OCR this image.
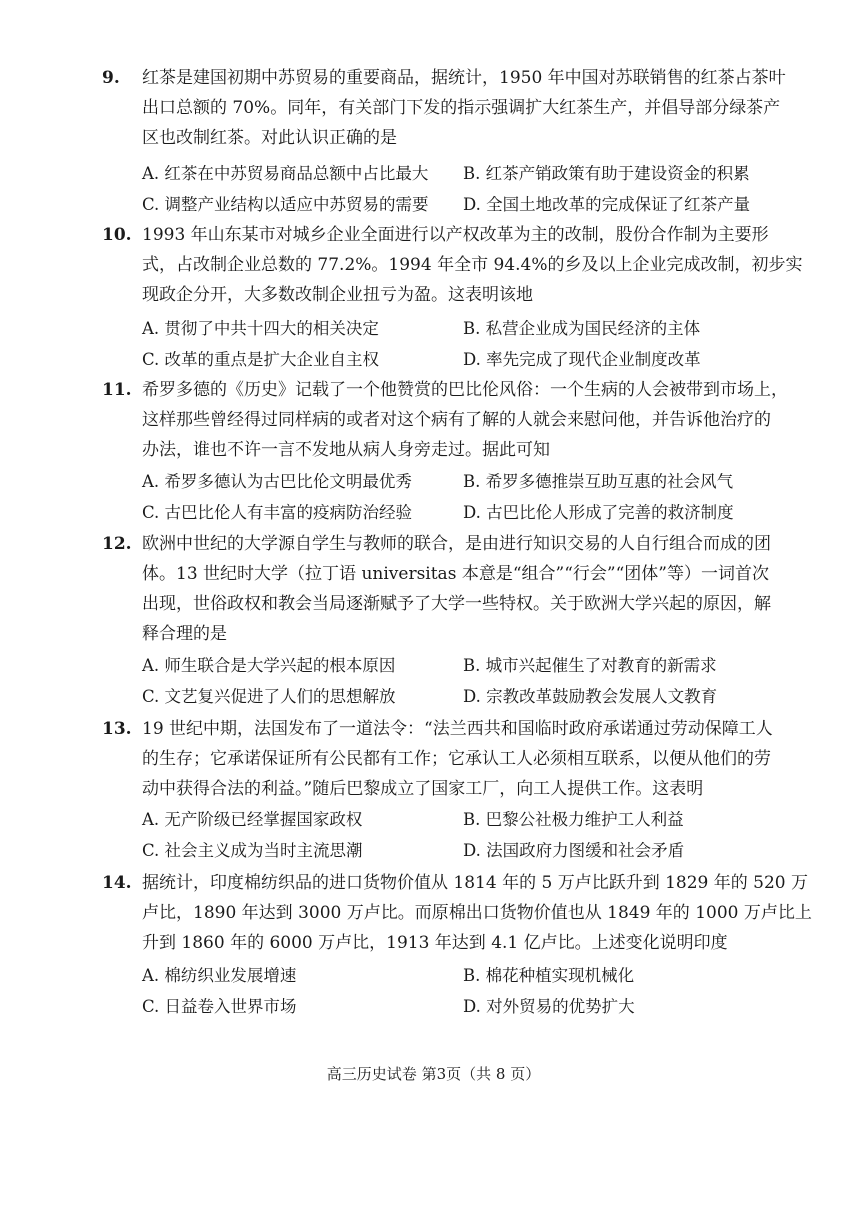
9. 红茶是建国初期中苏贸易的重要商品，据统计，1950 年中国对苏联销售的红茶占茶叶
出口总额的 70%。同年，有关部门下发的指示强调扩大红茶生产，并倡导部分绿茶产
区也改制红茶。对此认识正确的是
A. 红茶在中苏贸易商品总额中占比最大 B. 红茶产销政策有助于建设资金的积累
C. 调整产业结构以适应中苏贸易的需要 D. 全国土地改革的完成保证了红茶产量
10. 1993 年山东某市对城乡企业全面进行以产权改革为主的改制，股份合作制为主要形
式，占改制企业总数的 77.2%。1994 年全市 94.4%的乡及以上企业完成改制，初步实
现政企分开，大多数改制企业扭亏为盈。这表明该地
A. 贯彻了中共十四大的相关决定	B. 私营企业成为国民经济的主体
C. 改革的重点是扩大企业自主权	D. 率先完成了现代企业制度改革
11. 希罗多德的《历史》记载了一个他赞赏的巴比伦风俗：一个生病的人会被带到市场上，
这样那些曾经得过同样病的或者对这个病有了解的人就会来慰问他，并告诉他治疗的
办法，谁也不许一言不发地从病人身旁走过。据此可知
A. 希罗多德认为古巴比伦文明最优秀	B. 希罗多德推崇互助互惠的社会风气
C. 古巴比伦人有丰富的疫病防治经验	D. 古巴比伦人形成了完善的救济制度
12. 欧洲中世纪的大学源自学生与教师的联合，是由进行知识交易的人自行组合而成的团
体。13 世纪时大学（拉丁语 universitas 本意是“组合”“行会”“团体”等）一词首次
出现，世俗政权和教会当局逐渐赋予了大学一些特权。关于欧洲大学兴起的原因，解
释合理的是
A. 师生联合是大学兴起的根本原因	B. 城市兴起催生了对教育的新需求
C. 文艺复兴促进了人们的思想解放	D. 宗教改革鼓励教会发展人文教育
13. 19 世纪中期，法国发布了一道法令：“法兰西共和国临时政府承诺通过劳动保障工人
的生存；它承诺保证所有公民都有工作；它承认工人必须相互联系，以便从他们的劳
动中获得合法的利益。”随后巴黎成立了国家工厂，向工人提供工作。这表明
A. 无产阶级已经掌握国家政权	B. 巴黎公社极力维护工人利益
C. 社会主义成为当时主流思潮	D. 法国政府力图缓和社会矛盾
14. 据统计，印度棉纺织品的进口货物价值从 1814 年的 5 万卢比跃升到 1829 年的 520 万
卢比，1890 年达到 3000 万卢比。而原棉出口货物价值也从 1849 年的 1000 万卢比上
升到 1860 年的 6000 万卢比，1913 年达到 4.1 亿卢比。上述变化说明印度
A. 棉纺织业发展增速	B. 棉花种植实现机械化
C. 日益卷入世界市场	D. 对外贸易的优势扩大
高三历史试卷 第3页（共 8 页）
